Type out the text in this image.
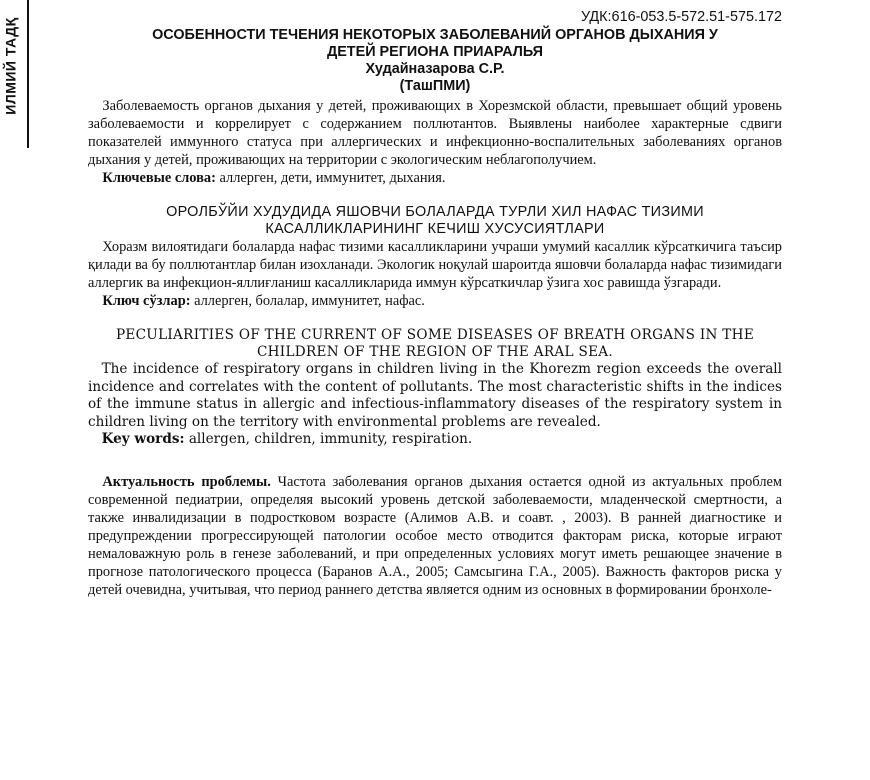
ИЛМИЙ ТАДҚ
УДК:616-053.5-572.51-575.172
ОСОБЕННОСТИ ТЕЧЕНИЯ НЕКОТОРЫХ ЗАБОЛЕВАНИЙ ОРГАНОВ ДЫХАНИЯ У
ДЕТЕЙ РЕГИОНА ПРИАРАЛЬЯ
Худайназарова С.Р.
(ТашПМИ)

 Заболеваемость органов дыхания у детей, проживающих в Хорезмской области, превышает общий уровень заболеваемости и коррелирует с содержанием поллютантов. Выявлены наиболее характерные сдвиги показателей иммунного статуса при аллергических и инфекционно-воспалительных заболеваниях органов дыхания у детей, проживающих на территории с экологическим неблагополучием.

 Ключевые слова: аллерген, дети, иммунитет, дыхания.

ОРОЛБЎЙИ ХУДУДИДА ЯШОВЧИ БОЛАЛАРДА ТУРЛИ ХИЛ НАФАС ТИЗИМИ
КАСАЛЛИКЛАРИНИНГ КЕЧИШ ХУСУСИЯТЛАРИ

 Хоразм вилоятидаги болаларда нафас тизими касалликларини учраши умумий касаллик кўрсаткичига таъсир қилади ва бу поллютантлар билан изохланади. Экологик ноқулай шароитда яшовчи болаларда нафас тизимидаги аллергик ва инфекцион-яллиғланиш касалликларида иммун кўрсаткичлар ўзига хос равишда ўзгаради.

 Ключ сўзлар: аллерген, болалар, иммунитет, нафас.

PECULIARITIES OF THE CURRENT OF SOME DISEASES OF BREATH ORGANS IN THE
CHILDREN OF THE REGION OF THE ARAL SEA.

 The incidence of respiratory organs in children living in the Khorezm region exceeds the overall incidence and correlates with the content of pollutants. The most characteristic shifts in the indices of the immune status in allergic and infectious-inflammatory diseases of the respiratory system in children living on the territory with environmental problems are revealed.

 Key words: allergen, children, immunity, respiration.

 Актуальность проблемы. Частота заболевания органов дыхания остается одной из актуальных проблем современной педиатрии, определяя высокий уровень детской заболеваемости, младенческой смертности, а также инвалидизации в подростковом возрасте (Алимов А.В. и соавт. , 2003). В ранней диагностике и предупреждении прогрессирующей патологии особое место отводится факторам риска, которые играют немаловажную роль в генезе заболеваний, и при определенных условиях могут иметь решающее значение в прогнозе патологического процесса (Баранов А.А., 2005; Самсыгина Г.А., 2005). Важность факторов риска у детей очевидна, учитывая, что период раннего детства является одним из основных в формировании бронхоле-
